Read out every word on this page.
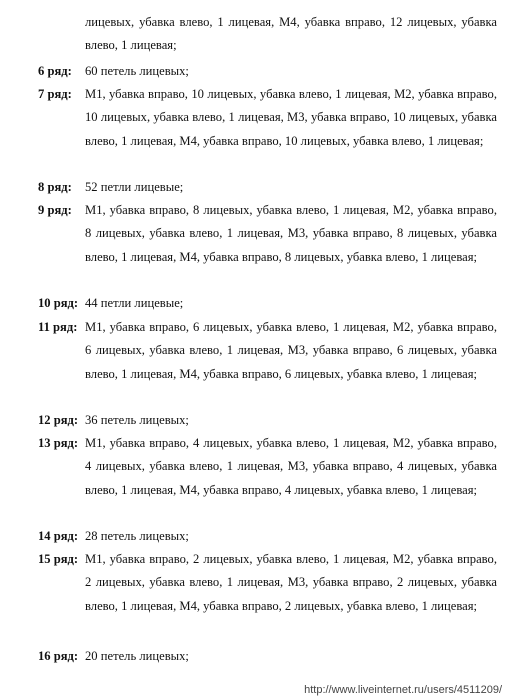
лицевых, убавка влево, 1 лицевая, М4, убавка вправо, 12 лицевых, убавка влево, 1 лицевая;
6 ряд:	60 петель лицевых;
7 ряд:	М1, убавка вправо, 10 лицевых, убавка влево, 1 лицевая, М2, убавка вправо, 10 лицевых, убавка влево, 1 лицевая, М3, убавка вправо, 10 лицевых, убавка влево, 1 лицевая, М4, убавка вправо, 10 лицевых, убавка влево, 1 лицевая;
8 ряд:	52 петли лицевые;
9 ряд:	М1, убавка вправо, 8 лицевых, убавка влево, 1 лицевая, М2, убавка вправо, 8 лицевых, убавка влево, 1 лицевая, М3, убавка вправо, 8 лицевых, убавка влево, 1 лицевая, М4, убавка вправо, 8 лицевых, убавка влево, 1 лицевая;
10 ряд: 44 петли лицевые;
11 ряд: М1, убавка вправо, 6 лицевых, убавка влево, 1 лицевая, М2, убавка вправо, 6 лицевых, убавка влево, 1 лицевая, М3, убавка вправо, 6 лицевых, убавка влево, 1 лицевая, М4, убавка вправо, 6 лицевых, убавка влево, 1 лицевая;
12 ряд: 36 петель лицевых;
13 ряд: М1, убавка вправо, 4 лицевых, убавка влево, 1 лицевая, М2, убавка вправо, 4 лицевых, убавка влево, 1 лицевая, М3, убавка вправо, 4 лицевых, убавка влево, 1 лицевая, М4, убавка вправо, 4 лицевых, убавка влево, 1 лицевая;
14 ряд: 28 петель лицевых;
15 ряд: М1, убавка вправо, 2 лицевых, убавка влево, 1 лицевая, М2, убавка вправо, 2 лицевых, убавка влево, 1 лицевая, М3, убавка вправо, 2 лицевых, убавка влево, 1 лицевая, М4, убавка вправо, 2 лицевых, убавка влево, 1 лицевая;
16 ряд: 20 петель лицевых;
http://www.liveinternet.ru/users/4511209/
